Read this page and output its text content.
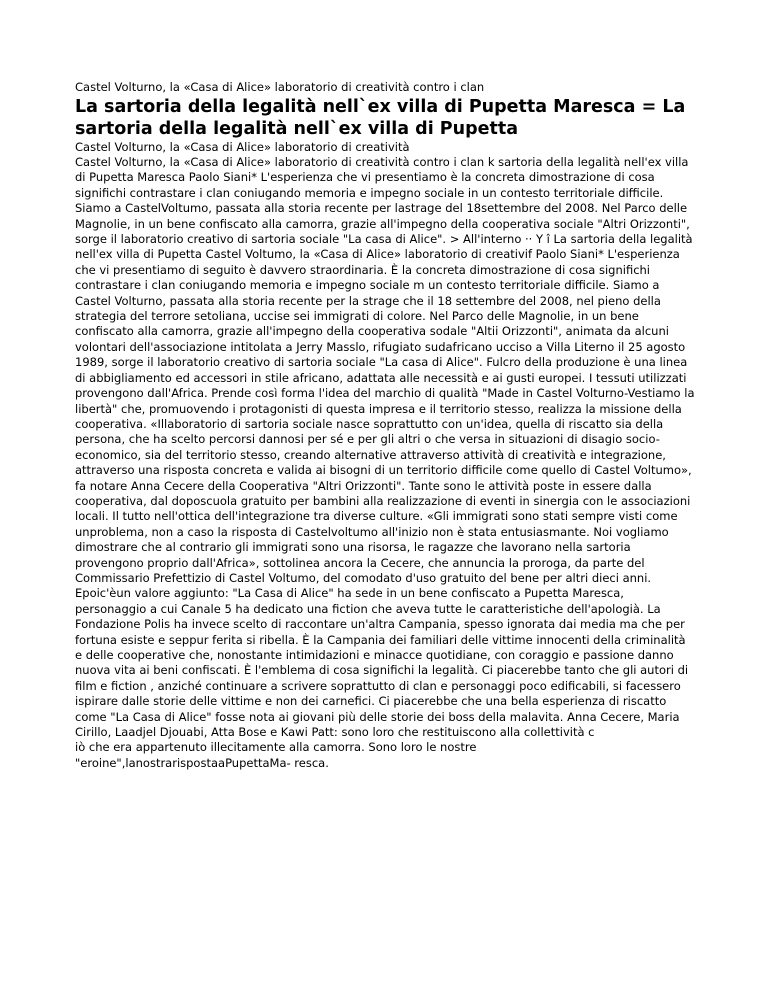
Castel Volturno, la «Casa di Alice» laboratorio di creatività contro i clan

La sartoria della legalità nell`ex villa di Pupetta Maresca = La sartoria della legalità nell`ex villa di Pupetta

Castel Volturno, la «Casa di Alice» laboratorio di creatività

Castel Volturno, la «Casa di Alice» laboratorio di creatività contro i clan k sartoria della legalità nell'ex villa di Pupetta Maresca Paolo Siani* L'esperienza che vi presentiamo è la concreta dimostrazione di cosa significhi contrastare i clan coniugando memoria e impegno sociale in un contesto territoriale difficile. Siamo a CastelVoltumo, passata alla storia recente per lastrage del 18settembre del 2008. Nel Parco delle Magnolie, in un bene confiscato alla camorra, grazie all'impegno della cooperativa sociale "Altri Orizzonti", sorge il laboratorio creativo di sartoria sociale "La casa di Alice". > All'interno ·· Y î La sartoria della legalità nell'ex villa di Pupetta Castel Voltumo, la «Casa di Alice» laboratorio di creativif Paolo Siani* L'esperienza che vi presentiamo di seguito è davvero straordinaria. È la concreta dimostrazione di cosa significhi contrastare i clan coniugando memoria e impegno sociale m un contesto territoriale difficile. Siamo a Castel Volturno, passata alla storia recente per la strage che il 18 settembre del 2008, nel pieno della strategia del terrore setoliana, uccise sei immigrati di colore. Nel Parco delle Magnolie, in un bene confiscato alla camorra, grazie all'impegno della cooperativa sodale "Altii Orizzonti", animata da alcuni volontari dell'associazione intitolata a Jerry Masslo, rifugiato sudafricano ucciso a Villa Literno il 25 agosto 1989, sorge il laboratorio creativo di sartoria sociale "La casa di Alice". Fulcro della produzione è una linea di abbigliamento ed accessori in stile africano, adattata alle necessità e ai gusti europei. I tessuti utilizzati provengono dall'Africa. Prende così forma l'idea del marchio di qualità "Made in Castel Volturno-Vestiamo la libertà" che, promuovendo i protagonisti di questa impresa e il territorio stesso, realizza la missione della cooperativa. «Illaboratorio di sartoria sociale nasce soprattutto con un'idea, quella di riscatto sia della persona, che ha scelto percorsi dannosi per sé e per gli altri o che versa in situazioni di disagio socio-economico, sia del territorio stesso, creando alternative attraverso attività di creatività e integrazione, attraverso una risposta concreta e valida ai bisogni di un territorio difficile come quello di Castel Voltumo», fa notare Anna Cecere della Cooperativa "Altri Orizzonti". Tante sono le attività poste in essere dalla cooperativa, dal doposcuola gratuito per bambini alla realizzazione di eventi in sinergia con le associazioni locali. Il tutto nell'ottica dell'integrazione tra diverse culture. «Gli immigrati sono stati sempre visti come unproblema, non a caso la risposta di Castelvoltumo all'inizio non è stata entusiasmante. Noi vogliamo dimostrare che al contrario gli immigrati sono una risorsa, le ragazze che lavorano nella sartoria provengono proprio dall'Africa», sottolinea ancora la Cecere, che annuncia la proroga, da parte del Commissario Prefettizio di Castel Voltumo, del comodato d'uso gratuito del bene per altri dieci anni. Epoic'èun valore aggiunto: "La Casa di Alice" ha sede in un bene confiscato a Pupetta Maresca, personaggio a cui Canale 5 ha dedicato una fiction che aveva tutte le caratteristiche dell'apologià. La Fondazione Polis ha invece scelto di raccontare un'altra Campania, spesso ignorata dai media ma che per fortuna esiste e seppur ferita si ribella. È la Campania dei familiari delle vittime innocenti della criminalità e delle cooperative che, nonostante intimidazioni e minacce quotidiane, con coraggio e passione danno nuova vita ai beni confiscati. È l'emblema di cosa significhi la legalità. Ci piacerebbe tanto che gli autori di film e fiction , anziché continuare a scrivere soprattutto di clan e personaggi poco edificabili, si facessero ispirare dalle storie delle vittime e non dei carnefici. Ci piacerebbe che una bella esperienza di riscatto come "La Casa di Alice" fosse nota ai giovani più delle storie dei boss della malavita. Anna Cecere, Maria Cirillo, Laadjel Djouabi, Atta Bose e Kawi Patt: sono loro che restituiscono alla collettività c
iò che era appartenuto illecitamente alla camorra. Sono loro le nostre
"eroine",lanostrarispostaaPupettaMa- resca.
